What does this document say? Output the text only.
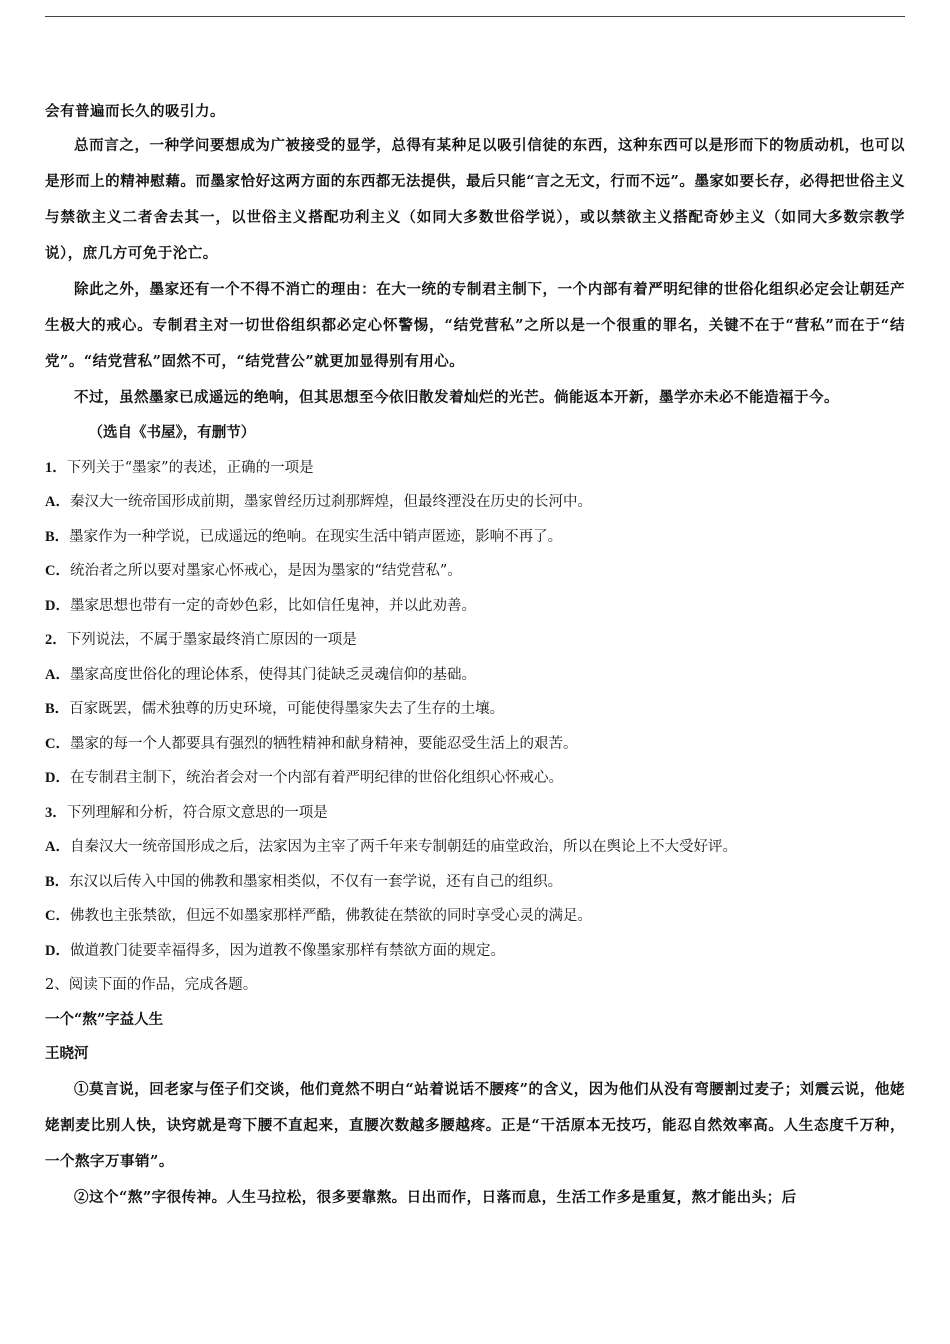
会有普遍而长久的吸引力。
总而言之，一种学问要想成为广被接受的显学，总得有某种足以吸引信徒的东西，这种东西可以是形而下的物质动机，也可以是形而上的精神慰藉。而墨家恰好这两方面的东西都无法提供，最后只能“言之无文，行而不远”。墨家如要长存，必得把世俗主义与禁欲主义二者舍去其一，以世俗主义搭配功利主义（如同大多数世俗学说），或以禁欲主义搭配奇妙主义（如同大多数宗教学说），庶几方可免于沦亡。
除此之外，墨家还有一个不得不消亡的理由：在大一统的专制君主制下，一个内部有着严明纪律的世俗化组织必定会让朝廷产生极大的戒心。专制君主对一切世俗组织都必定心怀警惕，“结党营私”之所以是一个很重的罪名，关键不在于“营私”而在于“结党”。“结党营私”固然不可，“结党营公”就更加显得别有用心。
不过，虽然墨家已成遥远的绝响，但其思想至今依旧散发着灿烂的光芒。倘能返本开新，墨学亦未必不能造福于今。
（选自《书屋》，有删节）
1．下列关于“墨家”的表述，正确的一项是
A．秦汉大一统帝国形成前期，墨家曾经历过刹那辉煌，但最终湮没在历史的长河中。
B．墨家作为一种学说，已成遥远的绝响。在现实生活中销声匿迹，影响不再了。
C．统治者之所以要对墨家心怀戒心，是因为墨家的“结党营私”。
D．墨家思想也带有一定的奇妙色彩，比如信任鬼神，并以此劝善。
2．下列说法，不属于墨家最终消亡原因的一项是
A．墨家高度世俗化的理论体系，使得其门徒缺乏灵魂信仰的基础。
B．百家既罢，儒术独尊的历史环境，可能使得墨家失去了生存的土壤。
C．墨家的每一个人都要具有强烈的牺牲精神和献身精神，要能忍受生活上的艰苦。
D．在专制君主制下，统治者会对一个内部有着严明纪律的世俗化组织心怀戒心。
3．下列理解和分析，符合原文意思的一项是
A．自秦汉大一统帝国形成之后，法家因为主宰了两千年来专制朝廷的庙堂政治，所以在舆论上不大受好评。
B．东汉以后传入中国的佛教和墨家相类似，不仅有一套学说，还有自己的组织。
C．佛教也主张禁欲，但远不如墨家那样严酷，佛教徒在禁欲的同时享受心灵的满足。
D．做道教门徒要幸福得多，因为道教不像墨家那样有禁欲方面的规定。
2、阅读下面的作品，完成各题。
一个“熬”字益人生
王晓河
①莫言说，回老家与侄子们交谈，他们竟然不明白“站着说话不腰疼”的含义，因为他们从没有弯腰割过麦子；刘震云说，他姥姥割麦比别人快，诀窍就是弯下腰不直起来，直腰次数越多腰越疼。正是“干活原本无技巧，能忍自然效率高。人生态度千万种，一个熬字万事销”。
②这个“熬”字很传神。人生马拉松，很多要靠熬。日出而作，日落而息，生活工作多是重复，熬才能出头；后
